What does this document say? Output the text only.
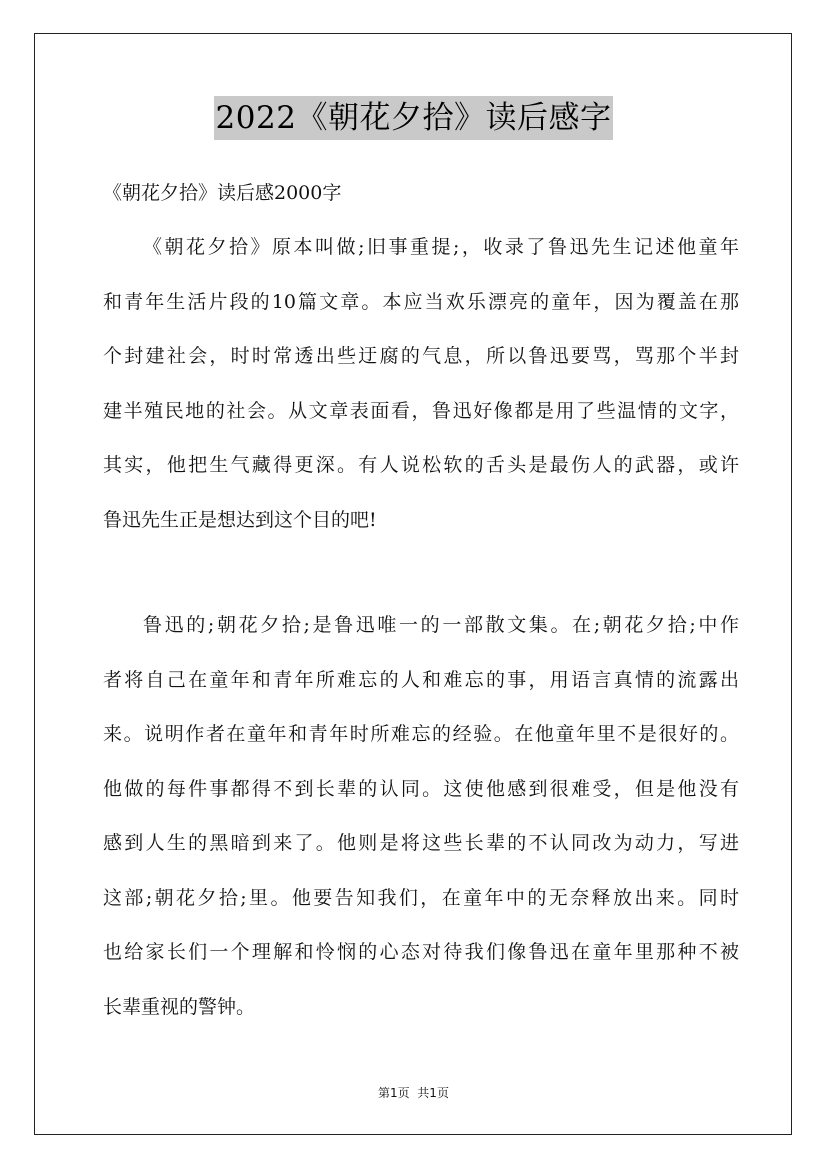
2022《朝花夕拾》读后感字
《朝花夕拾》读后感2000字
《朝花夕拾》原本叫做;旧事重提;，收录了鲁迅先生记述他童年
和青年生活片段的10篇文章。本应当欢乐漂亮的童年，因为覆盖在那
个封建社会，时时常透出些迂腐的气息，所以鲁迅要骂，骂那个半封
建半殖民地的社会。从文章表面看，鲁迅好像都是用了些温情的文字，
其实，他把生气藏得更深。有人说松软的舌头是最伤人的武器，或许
鲁迅先生正是想达到这个目的吧!
鲁迅的;朝花夕拾;是鲁迅唯一的一部散文集。在;朝花夕拾;中作
者将自己在童年和青年所难忘的人和难忘的事，用语言真情的流露出
来。说明作者在童年和青年时所难忘的经验。在他童年里不是很好的。
他做的每件事都得不到长辈的认同。这使他感到很难受，但是他没有
感到人生的黑暗到来了。他则是将这些长辈的不认同改为动力，写进
这部;朝花夕拾;里。他要告知我们，在童年中的无奈释放出来。同时
也给家长们一个理解和怜悯的心态对待我们像鲁迅在童年里那种不被
长辈重视的警钟。
第1页  共1页
